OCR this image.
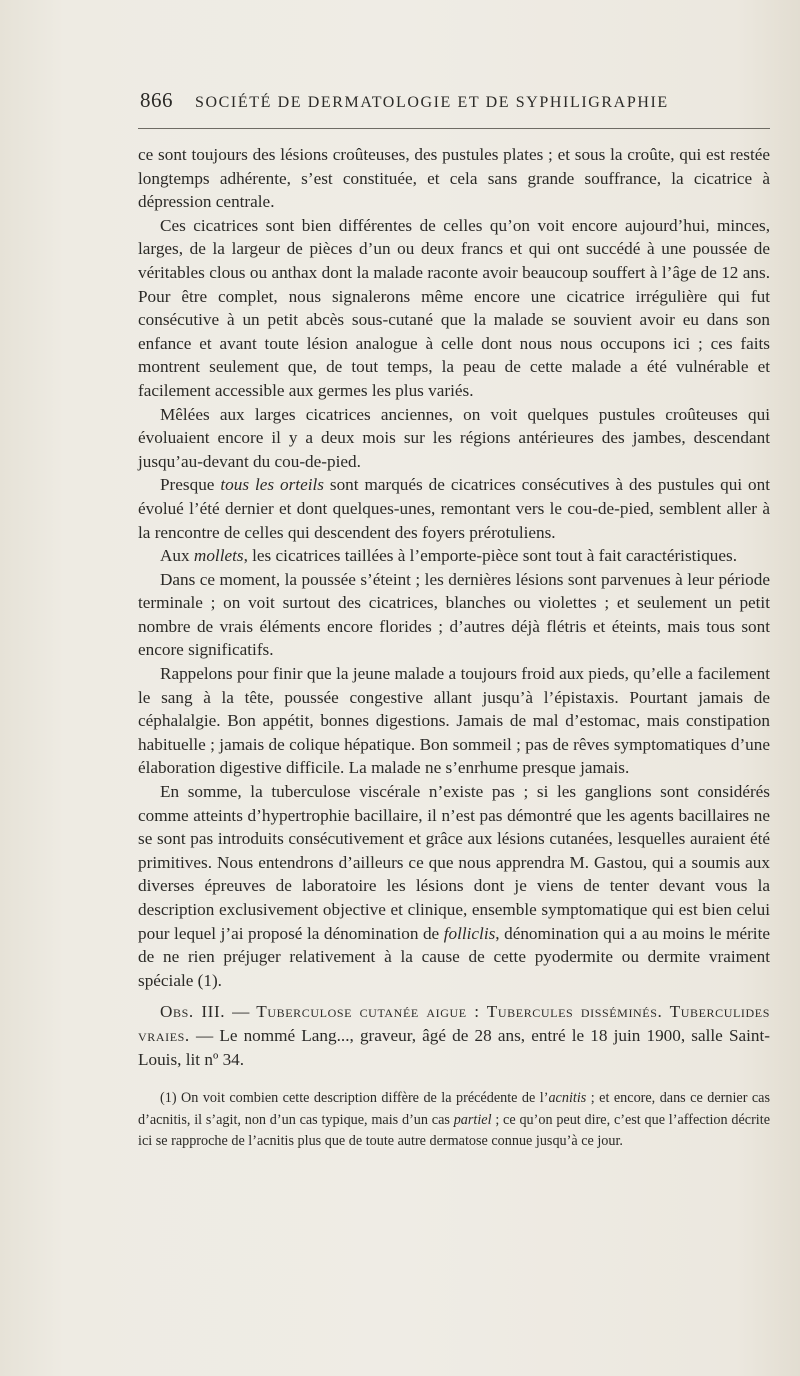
866 SOCIÉTÉ DE DERMATOLOGIE ET DE SYPHILIGRAPHIE

ce sont toujours des lésions croûteuses, des pustules plates ; et sous la croûte, qui est restée longtemps adhérente, s’est constituée, et cela sans grande souffrance, la cicatrice à dépression centrale.

Ces cicatrices sont bien différentes de celles qu’on voit encore aujourd’hui, minces, larges, de la largeur de pièces d’un ou deux francs et qui ont succédé à une poussée de véritables clous ou anthax dont la malade raconte avoir beaucoup souffert à l’âge de 12 ans. Pour être complet, nous signalerons même encore une cicatrice irrégulière qui fut consécutive à un petit abcès sous-cutané que la malade se souvient avoir eu dans son enfance et avant toute lésion analogue à celle dont nous nous occupons ici ; ces faits montrent seulement que, de tout temps, la peau de cette malade a été vulnérable et facilement accessible aux germes les plus variés.

Mêlées aux larges cicatrices anciennes, on voit quelques pustules croûteuses qui évoluaient encore il y a deux mois sur les régions antérieures des jambes, descendant jusqu’au-devant du cou-de-pied.

Presque tous les orteils sont marqués de cicatrices consécutives à des pustules qui ont évolué l’été dernier et dont quelques-unes, remontant vers le cou-de-pied, semblent aller à la rencontre de celles qui descendent des foyers prérotuliens.

Aux mollets, les cicatrices taillées à l’emporte-pièce sont tout à fait caractéristiques.

Dans ce moment, la poussée s’éteint ; les dernières lésions sont parvenues à leur période terminale ; on voit surtout des cicatrices, blanches ou violettes ; et seulement un petit nombre de vrais éléments encore florides ; d’autres déjà flétris et éteints, mais tous sont encore significatifs.

Rappelons pour finir que la jeune malade a toujours froid aux pieds, qu’elle a facilement le sang à la tête, poussée congestive allant jusqu’à l’épistaxis. Pourtant jamais de céphalalgie. Bon appétit, bonnes digestions. Jamais de mal d’estomac, mais constipation habituelle ; jamais de colique hépatique. Bon sommeil ; pas de rêves symptomatiques d’une élaboration digestive difficile. La malade ne s’enrhume presque jamais.

En somme, la tuberculose viscérale n’existe pas ; si les ganglions sont considérés comme atteints d’hypertrophie bacillaire, il n’est pas démontré que les agents bacillaires ne se sont pas introduits consécutivement et grâce aux lésions cutanées, lesquelles auraient été primitives. Nous entendrons d’ailleurs ce que nous apprendra M. Gastou, qui a soumis aux diverses épreuves de laboratoire les lésions dont je viens de tenter devant vous la description exclusivement objective et clinique, ensemble symptomatique qui est bien celui pour lequel j’ai proposé la dénomination de folliclis, dénomination qui a au moins le mérite de ne rien préjuger relativement à la cause de cette pyodermite ou dermite vraiment spéciale (1).

Obs. III. — Tuberculose cutanée aigue : Tubercules disséminés. Tuberculides vraies. — Le nommé Lang..., graveur, âgé de 28 ans, entré le 18 juin 1900, salle Saint-Louis, lit nº 34.

(1) On voit combien cette description diffère de la précédente de l’acnitis ; et encore, dans ce dernier cas d’acnitis, il s’agit, non d’un cas typique, mais d’un cas partiel ; ce qu’on peut dire, c’est que l’affection décrite ici se rapproche de l’acnitis plus que de toute autre dermatose connue jusqu’à ce jour.
